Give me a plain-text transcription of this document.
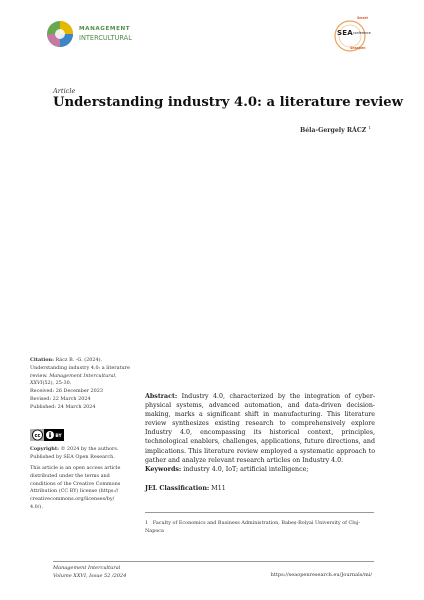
MANAGEMENT
INTERCULTURAL
Smart
SEA conference
Seaopen
Article
Understanding industry 4.0: a literature review
Béla-Gergely RÁCZ $^1$
Citation: Rácz B. -G. (2024). Understanding industry 4.0: a literature review. Management Intercultural, XXVI(52), 25-30.
Received: 26 December 2023
Revised: 22 March 2024
Published: 24 March 2024
cc	BY
Copyright: © 2024 by the authors. Published by SEA Open Research.
This article is an open access article
distributed under the terms and
conditions of the Creative Commons
Attribution (CC BY) license (https://
creativecommons.org/licenses/by/
4.0/).
Abstract: Industry 4.0, characterized by the integration of cyber-physical systems, advanced automation, and data-driven decision-making, marks a significant shift in manufacturing. This literature review synthesizes existing research to comprehensively explore Industry 4.0, encompassing its historical context, principles, technological enablers, challenges, applications, future directions, and implications. This literature review employed a systematic approach to gather and analyze relevant research articles on Industry 4.0.
Keywords: industry 4.0, IoT; artificial intelligence;
JEL Classification: M11
1 Faculty of Economics and Business Administration, Babeș-Bolyai University of Cluj-Napoca
Management Intercultural
Volume XXVI, Issue 52 /2024	https://seaopenresearch.eu/Journals/mi/
